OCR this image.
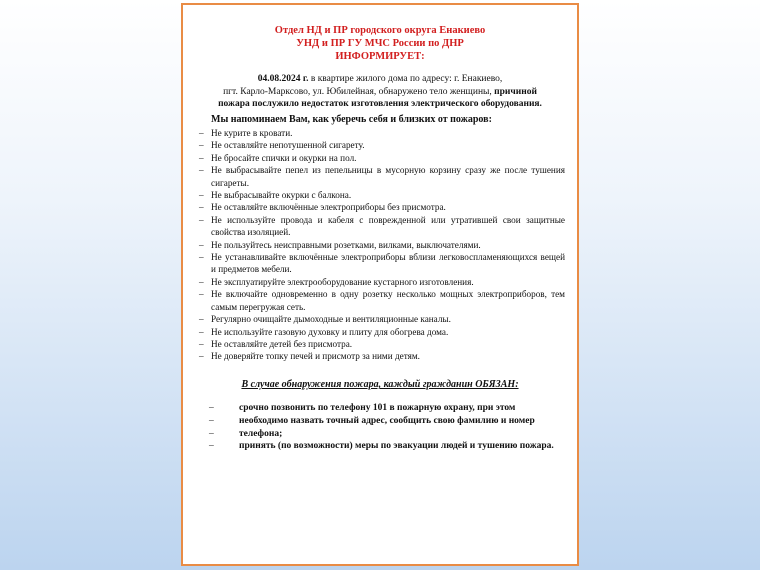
Отдел НД и ПР городского округа Енакиево
УНД и ПР ГУ МЧС России по ДНР
ИНФОРМИРУЕТ:
04.08.2024 г. в квартире жилого дома по адресу: г. Енакиево,
пгт. Карло-Марксово, ул. Юбилейная, обнаружено тело женщины, причиной
пожара послужило недостаток изготовления электрического оборудования.
Мы напоминаем Вам, как уберечь себя и близких от пожаров:
– Не курите в кровати.
– Не оставляйте непотушенной сигарету.
– Не бросайте спички и окурки на пол.
– Не выбрасывайте пепел из пепельницы в мусорную корзину сразу же после тушения сигареты.
– Не выбрасывайте окурки с балкона.
– Не оставляйте включённые электроприборы без присмотра.
– Не используйте провода и кабеля с поврежденной или утратившей свои защитные свойства изоляцией.
– Не пользуйтесь неисправными розетками, вилками, выключателями.
– Не устанавливайте включённые электроприборы вблизи легковоспламеняющихся вещей и предметов мебели.
– Не эксплуатируйте электрооборудование кустарного изготовления.
– Не включайте одновременно в одну розетку несколько мощных электроприборов, тем самым перегружая сеть.
– Регулярно очищайте дымоходные и вентиляционные каналы.
– Не используйте газовую духовку и плиту для обогрева дома.
– Не оставляйте детей без присмотра.
– Не доверяйте топку печей и присмотр за ними детям.
В случае обнаружения пожара, каждый гражданин ОБЯЗАН:
–	срочно позвонить по телефону 101 в пожарную охрану, при этом
–	необходимо назвать точный адрес, сообщить свою фамилию и номер
–	телефона;
–	принять (по возможности) меры по эвакуации людей и тушению пожара.
